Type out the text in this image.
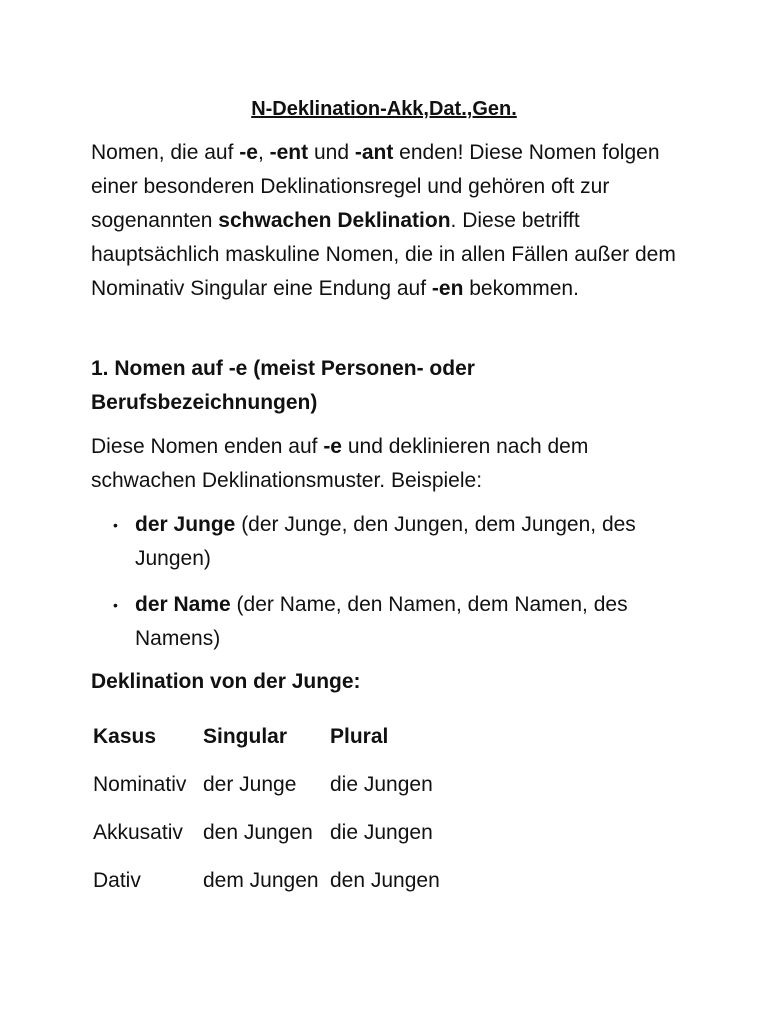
N-Deklination-Akk,Dat.,Gen.

Nomen, die auf -e, -ent und -ant enden! Diese Nomen folgen einer besonderen Deklinationsregel und gehören oft zur sogenannten schwachen Deklination. Diese betrifft hauptsächlich maskuline Nomen, die in allen Fällen außer dem Nominativ Singular eine Endung auf -en bekommen.

1. Nomen auf -e (meist Personen- oder Berufsbezeichnungen)

Diese Nomen enden auf -e und deklinieren nach dem schwachen Deklinationsmuster. Beispiele:

• der Junge (der Junge, den Jungen, dem Jungen, des Jungen)
• der Name (der Name, den Namen, dem Namen, des Namens)

Deklination von der Junge:

Kasus	Singular	Plural
Nominativ	der Junge	die Jungen
Akkusativ	den Jungen	die Jungen
Dativ	dem Jungen	den Jungen
